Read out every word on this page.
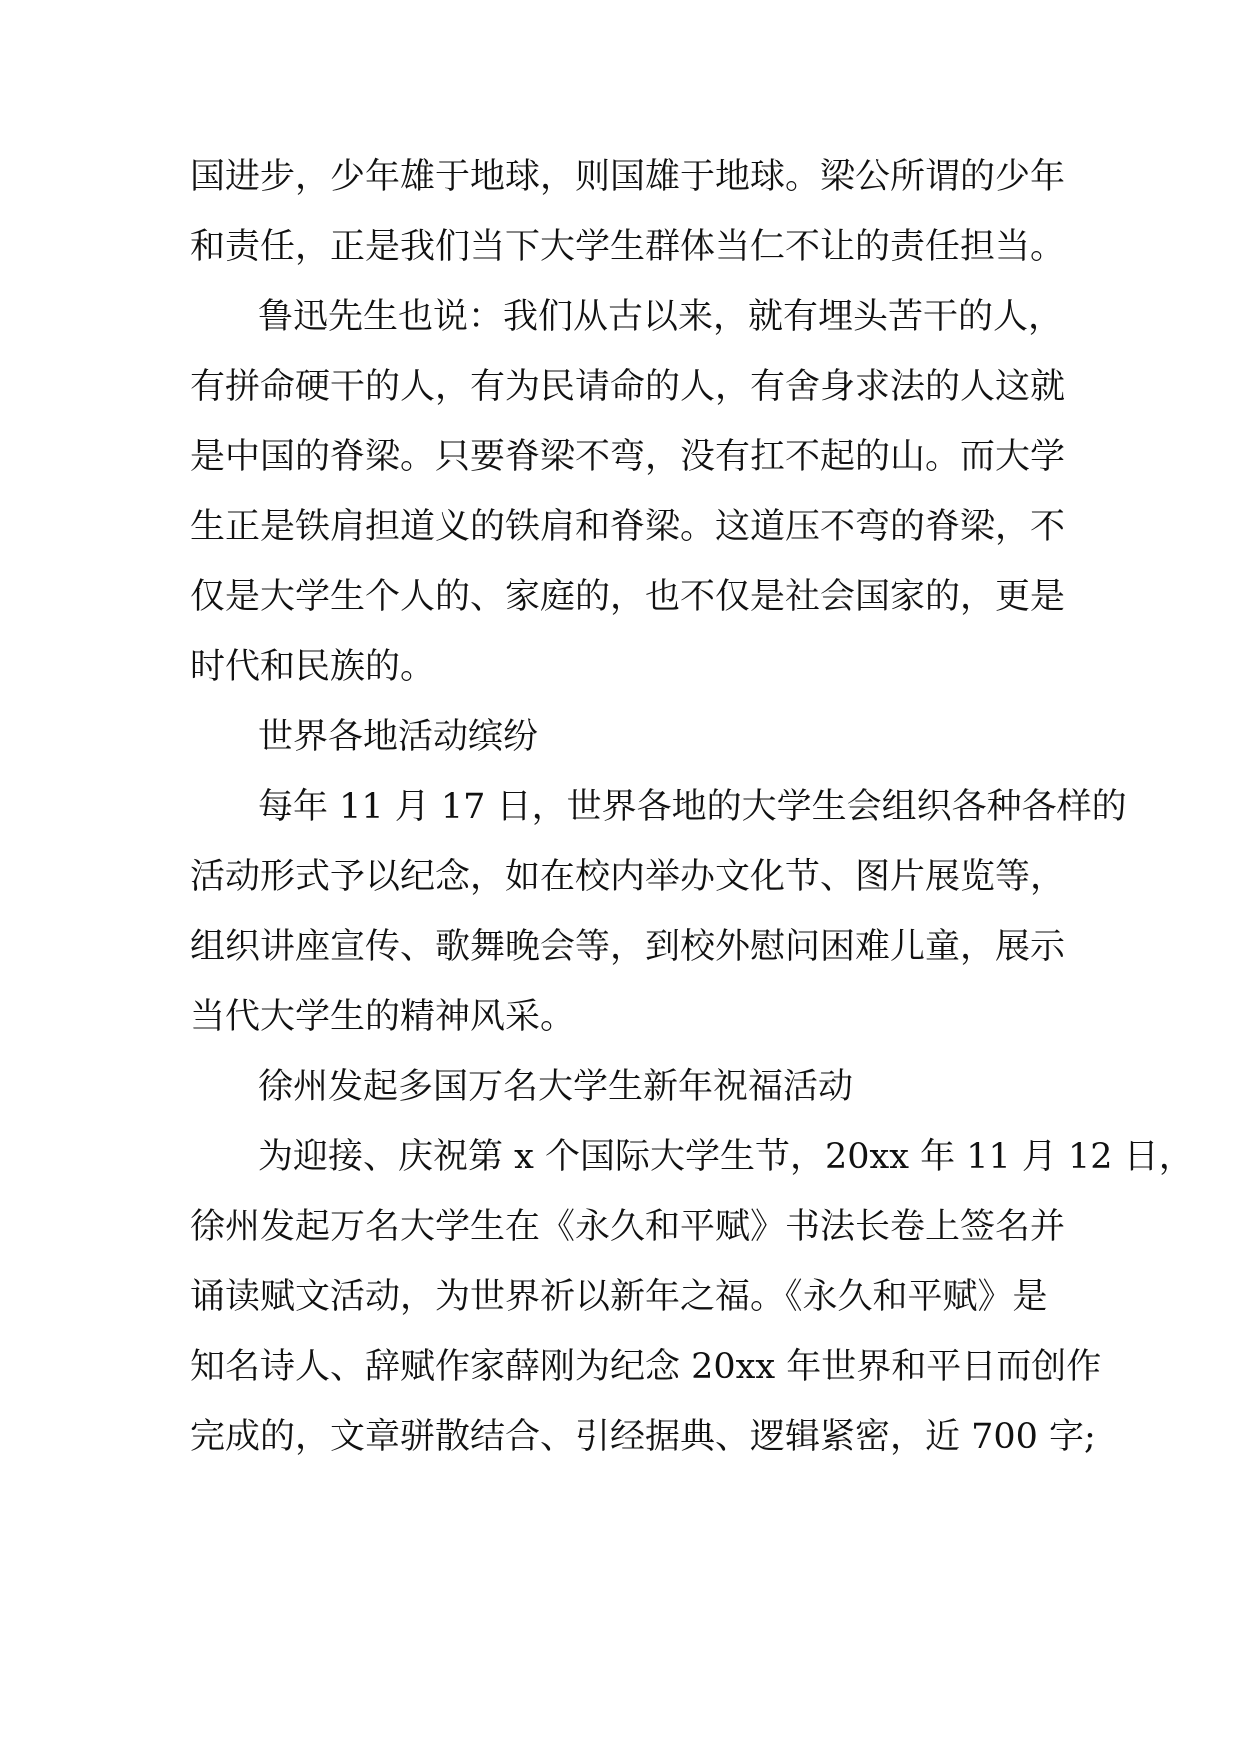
国进步，少年雄于地球，则国雄于地球。梁公所谓的少年
和责任，正是我们当下大学生群体当仁不让的责任担当。
鲁迅先生也说：我们从古以来，就有埋头苦干的人，
有拼命硬干的人，有为民请命的人，有舍身求法的人这就
是中国的脊梁。只要脊梁不弯，没有扛不起的山。而大学
生正是铁肩担道义的铁肩和脊梁。这道压不弯的脊梁，不
仅是大学生个人的、家庭的，也不仅是社会国家的，更是
时代和民族的。
世界各地活动缤纷
每年 11 月 17 日，世界各地的大学生会组织各种各样的
活动形式予以纪念，如在校内举办文化节、图片展览等，
组织讲座宣传、歌舞晚会等，到校外慰问困难儿童，展示
当代大学生的精神风采。
徐州发起多国万名大学生新年祝福活动
为迎接、庆祝第 x 个国际大学生节，20xx 年 11 月 12 日，
徐州发起万名大学生在《永久和平赋》书法长卷上签名并
诵读赋文活动，为世界祈以新年之福。《永久和平赋》是
知名诗人、辞赋作家薛刚为纪念 20xx 年世界和平日而创作
完成的，文章骈散结合、引经据典、逻辑紧密，近 700 字;
